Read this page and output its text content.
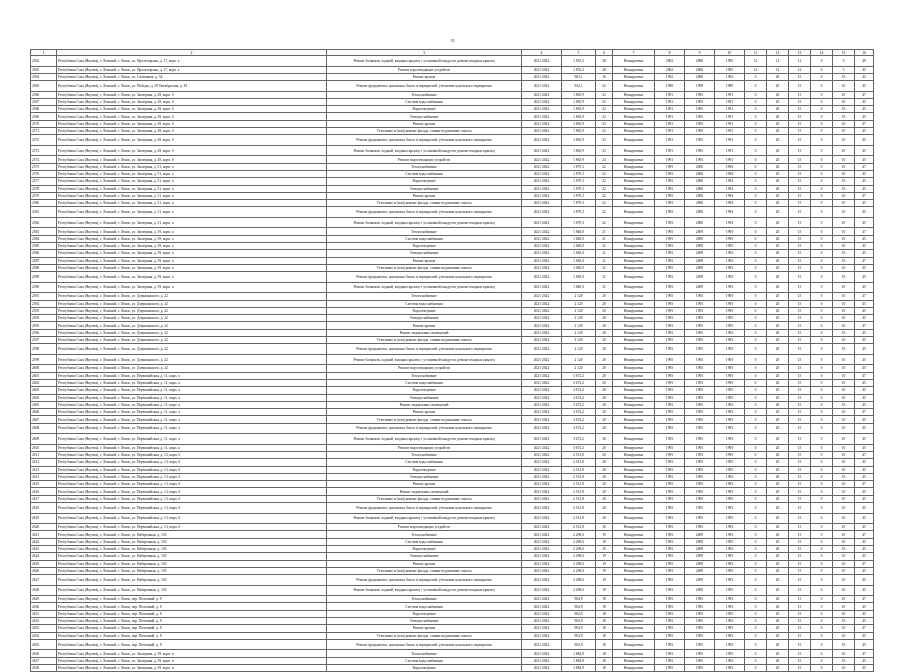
35
1	2	3	4	5	6	7	8	9	10	11	12	13	14	15	16
2562	Республика Саха (Якутия), г. Ленский, г. Ленск, ул. Пролетарская, д. 17, корп. а	Ремонт балконов, лоджий, входных крылец с установкой пандусов, ремонт входных крылец	2021-2022	1 853,2	28	Ненарушена	2002	2006	1995	12	12	12	0	0	49
2563	Республика Саха (Якутия), г. Ленский, г. Ленск, ул. Пролетарская, д. 17, корп. а	Ремонт водоотводящих устройств	2021-2022	1 853,2	28	Ненарушена	2002	2006	1995	12	12	12	0	5	45
2564	Республика Саха (Якутия), г. Ленский, г. Ленск, ул. Салтыкова, д. 34	Ремонт кровли	2021-2022	963,1	16	Ненарушена	1992	2000	1992	0	20	15	0	10	43
2565	Республика Саха (Якутия), г. Ленский, г. Ленск, ул. Победы, д. 29 Октябрьская, д. 29	Ремонт фундамента, цокольных балок и перекрытий, утепление цокольного перекрытия	2021-2022	932,1	22	Ненарушена	1989	1998	1989	0	20	15	0	10	45
2566	Республика Саха (Якутия), г. Ленский, г. Ленск, ул. Заозерная, д. 49, корп. б	Теплоснабжение	2021-2022	1 865,9	23	Ненарушена	1991	1993	1991	0	20	15	0	10	47
2567	Республика Саха (Якутия), г. Ленский, г. Ленск, ул. Заозерная, д. 49, корп. б	Система водоснабжения	2021-2022	1 865,9	23	Ненарушена	1991	1993	1991	0	20	15	0	10	45
2568	Республика Саха (Якутия), г. Ленский, г. Ленск, ул. Заозерная, д. 49, корп. б	Водоотведение	2021-2022	1 865,9	23	Ненарушена	1991	1993	1991	0	20	15	0	10	45
2569	Республика Саха (Якутия), г. Ленский, г. Ленск, ул. Заозерная, д. 49, корп. б	Электроснабжение	2021-2022	1 865,9	23	Ненарушена	1991	1993	1991	0	20	15	0	10	45
2570	Республика Саха (Якутия), г. Ленский, г. Ленск, ул. Заозерная, д. 49, корп. б	Ремонт кровли	2021-2022	1 865,9	23	Ненарушена	1991	1993	1991	0	20	15	0	10	47
2571	Республика Саха (Якутия), г. Ленский, г. Ленск, ул. Заозерная, д. 49, корп. б	Утепление и (или) ремонт фасада, ставни-подоконные откосы	2021-2022	1 865,9	23	Ненарушена	1991	1993	1991	0	20	15	0	10	45
2572	Республика Саха (Якутия), г. Ленский, г. Ленск, ул. Заозерная, д. 49, корп. б	Ремонт фундамента, цокольных балок и перекрытий, утепление цокольного перекрытия	2021-2022	1 865,9	23	Ненарушена	1991	1993	1991	0	20	15	0	10	45
2573	Республика Саха (Якутия), г. Ленский, г. Ленск, ул. Заозерная, д. 49, корп. б	Ремонт балконов, лоджий, входных крылец с установкой пандусов, ремонт входных крылец	2021-2022	1 865,9	23	Ненарушена	1991	1993	1991	0	20	15	0	10	45
2574	Республика Саха (Якутия), г. Ленский, г. Ленск, ул. Заозерная, д. 49, корп. б	Ремонт водоотводящих устройств	2021-2022	1 865,9	23	Ненарушена	1991	1993	1991	0	20	15	0	10	45
2575	Республика Саха (Якутия), г. Ленский, г. Ленск, ул. Заозерная, д. 51, корп. а	Теплоснабжение	2021-2022	1 879,3	22	Ненарушена	1993	2000	1994	0	20	15	0	10	47
2576	Республика Саха (Якутия), г. Ленский, г. Ленск, ул. Заозерная, д. 51, корп. а	Система водоснабжения	2021-2022	1 879,3	22	Ненарушена	1993	2000	1994	0	20	15	0	10	45
2577	Республика Саха (Якутия), г. Ленский, г. Ленск, ул. Заозерная, д. 51, корп. а	Водоотведение	2021-2022	1 879,3	22	Ненарушена	1993	2000	1994	0	20	15	0	10	45
2578	Республика Саха (Якутия), г. Ленский, г. Ленск, ул. Заозерная, д. 51, корп. а	Электроснабжение	2021-2022	1 879,3	22	Ненарушена	1993	2000	1994	0	20	15	0	10	45
2579	Республика Саха (Якутия), г. Ленский, г. Ленск, ул. Заозерная, д. 51, корп. а	Ремонт кровли	2021-2022	1 879,3	22	Ненарушена	1993	2000	1994	0	20	15	0	10	47
2580	Республика Саха (Якутия), г. Ленский, г. Ленск, ул. Заозерная, д. 51, корп. а	Утепление и (или) ремонт фасада, ставни-подоконные откосы	2021-2022	1 879,3	22	Ненарушена	1993	2000	1994	0	20	15	0	10	45
2581	Республика Саха (Якутия), г. Ленский, г. Ленск, ул. Заозерная, д. 51, корп. а	Ремонт фундамента, цокольных балок и перекрытий, утепление цокольного перекрытия	2021-2022	1 879,3	22	Ненарушена	1993	2000	1994	0	20	15	0	10	45
2582	Республика Саха (Якутия), г. Ленский, г. Ленск, ул. Заозерная, д. 51, корп. а	Ремонт балконов, лоджий, входных крылец с установкой пандусов, ремонт входных крылец	2021-2022	1 879,3	22	Ненарушена	1993	2000	1994	0	20	15	0	10	45
2583	Республика Саха (Якутия), г. Ленский, г. Ленск, ул. Заозерная, д. 59, корп. а	Теплоснабжение	2021-2022	1 840,0	21	Ненарушена	1993	2009	1993	0	20	15	0	10	47
2584	Республика Саха (Якутия), г. Ленский, г. Ленск, ул. Заозерная, д. 59, корп. а	Система водоснабжения	2021-2022	1 840,0	21	Ненарушена	1993	2009	1993	0	20	15	0	10	45
2585	Республика Саха (Якутия), г. Ленский, г. Ленск, ул. Заозерная, д. 59, корп. а	Водоотведение	2021-2022	1 840,0	21	Ненарушена	1993	2009	1993	0	20	15	0	10	45
2586	Республика Саха (Якутия), г. Ленский, г. Ленск, ул. Заозерная, д. 59, корп. а	Электроснабжение	2021-2022	1 840,0	21	Ненарушена	1993	2009	1993	0	20	15	0	10	45
2587	Республика Саха (Якутия), г. Ленский, г. Ленск, ул. Заозерная, д. 59, корп. а	Ремонт кровли	2021-2022	1 840,0	21	Ненарушена	1993	2009	1993	0	20	15	0	10	47
2588	Республика Саха (Якутия), г. Ленский, г. Ленск, ул. Заозерная, д. 59, корп. а	Утепление и (или) ремонт фасада, ставни-подоконные откосы	2021-2022	1 840,0	21	Ненарушена	1993	2009	1993	0	20	15	0	10	45
2589	Республика Саха (Якутия), г. Ленский, г. Ленск, ул. Заозерная, д. 59, корп. а	Ремонт фундамента, цокольных балок и перекрытий, утепление цокольного перекрытия	2021-2022	1 840,0	21	Ненарушена	1993	2009	1993	0	20	15	0	10	45
2590	Республика Саха (Якутия), г. Ленский, г. Ленск, ул. Заозерная, д. 59, корп. а	Ремонт балконов, лоджий, входных крылец с установкой пандусов, ремонт входных крылец	2021-2022	1 840,0	21	Ненарушена	1993	2009	1993	0	20	15	0	10	45
2591	Республика Саха (Якутия), г. Ленский, г. Ленск, ул. Дзержинского, д. 22	Теплоснабжение	2021-2022	2 120	20	Ненарушена	1993	1993	1993	0	20	15	0	10	47
2592	Республика Саха (Якутия), г. Ленский, г. Ленск, ул. Дзержинского, д. 22	Система водоснабжения	2021-2022	2 120	20	Ненарушена	1993	1993	1993	0	20	15	0	10	45
2593	Республика Саха (Якутия), г. Ленский, г. Ленск, ул. Дзержинского, д. 22	Водоотведение	2021-2022	2 120	20	Ненарушена	1993	1993	1993	0	20	15	0	10	45
2594	Республика Саха (Якутия), г. Ленский, г. Ленск, ул. Дзержинского, д. 22	Электроснабжение	2021-2022	2 120	20	Ненарушена	1993	1993	1993	0	20	15	0	10	45
2595	Республика Саха (Якутия), г. Ленский, г. Ленск, ул. Дзержинского, д. 22	Ремонт кровли	2021-2022	2 120	20	Ненарушена	1993	1993	1993	0	20	15	0	10	47
2596	Республика Саха (Якутия), г. Ленский, г. Ленск, ул. Дзержинского, д. 22	Ремонт подвальных помещений	2021-2022	2 120	20	Ненарушена	1993	1993	1993	0	20	15	0	10	45
2597	Республика Саха (Якутия), г. Ленский, г. Ленск, ул. Дзержинского, д. 22	Утепление и (или) ремонт фасада, ставни-подоконные откосы	2021-2022	2 120	20	Ненарушена	1993	1993	1993	0	20	15	0	10	45
2598	Республика Саха (Якутия), г. Ленский, г. Ленск, ул. Дзержинского, д. 22	Ремонт фундамента, цокольных балок и перекрытий, утепление цокольного перекрытия	2021-2022	2 120	20	Ненарушена	1993	1993	1993	0	20	15	0	10	45
2599	Республика Саха (Якутия), г. Ленский, г. Ленск, ул. Дзержинского, д. 22	Ремонт балконов, лоджий, входных крылец с установкой пандусов, ремонт входных крылец	2021-2022	2 120	20	Ненарушена	1993	1993	1993	0	20	15	0	10	45
2600	Республика Саха (Якутия), г. Ленский, г. Ленск, ул. Дзержинского, д. 22	Ремонт водоотводящих устройств	2021-2022	2 120	20	Ненарушена	1993	1993	1993	0	20	15	0	10	45
2601	Республика Саха (Якутия), г. Ленский, г. Ленск, ул. Первомайская, д. 11, корп. а	Теплоснабжение	2021-2022	3 672,2	20	Ненарушена	1993	1993	1993	0	20	15	0	10	47
2602	Республика Саха (Якутия), г. Ленский, г. Ленск, ул. Первомайская, д. 11, корп. а	Система водоснабжения	2021-2022	3 672,2	20	Ненарушена	1993	1993	1993	0	20	15	0	10	45
2603	Республика Саха (Якутия), г. Ленский, г. Ленск, ул. Первомайская, д. 11, корп. а	Водоотведение	2021-2022	3 672,2	20	Ненарушена	1993	1993	1993	0	20	15	0	10	45
2604	Республика Саха (Якутия), г. Ленский, г. Ленск, ул. Первомайская, д. 11, корп. а	Электроснабжение	2021-2022	3 672,2	20	Ненарушена	1993	1993	1993	0	20	15	0	10	45
2605	Республика Саха (Якутия), г. Ленский, г. Ленск, ул. Первомайская, д. 11, корп. а	Ремонт подвальных помещений	2021-2022	3 672,2	20	Ненарушена	1993	1993	1993	0	20	15	0	10	45
2606	Республика Саха (Якутия), г. Ленский, г. Ленск, ул. Первомайская, д. 11, корп. а	Ремонт кровли	2021-2022	3 672,2	20	Ненарушена	1993	1993	1993	0	20	15	0	10	47
2607	Республика Саха (Якутия), г. Ленский, г. Ленск, ул. Первомайская, д. 11, корп. а	Утепление и (или) ремонт фасада, ставни-подоконные откосы	2021-2022	3 672,2	20	Ненарушена	1993	1993	1993	0	20	15	0	10	45
2608	Республика Саха (Якутия), г. Ленский, г. Ленск, ул. Первомайская, д. 11, корп. а	Ремонт фундамента, цокольных балок и перекрытий, утепление цокольного перекрытия	2021-2022	3 672,2	20	Ненарушена	1993	1993	1993	0	20	15	0	10	45
2609	Республика Саха (Якутия), г. Ленский, г. Ленск, ул. Первомайская, д. 11, корп. а	Ремонт балконов, лоджий, входных крылец с установкой пандусов, ремонт входных крылец	2021-2022	3 672,2	20	Ненарушена	1993	1993	1993	0	20	15	0	10	45
2610	Республика Саха (Якутия), г. Ленский, г. Ленск, ул. Первомайская, д. 11, корп. а	Ремонт водоотводящих устройств	2021-2022	3 672,2	20	Ненарушена	1993	1993	1993	0	20	15	0	10	45
2611	Республика Саха (Якутия), г. Ленский, г. Ленск, ул. Первомайская, д. 13, корп. б	Теплоснабжение	2021-2022	2 513,8	20	Ненарушена	1993	1993	1993	0	20	15	0	10	47
2612	Республика Саха (Якутия), г. Ленский, г. Ленск, ул. Первомайская, д. 13, корп. б	Система водоснабжения	2021-2022	2 513,8	20	Ненарушена	1993	1993	1993	0	20	15	0	10	45
2613	Республика Саха (Якутия), г. Ленский, г. Ленск, ул. Первомайская, д. 13, корп. б	Водоотведение	2021-2022	2 513,8	20	Ненарушена	1993	1993	1993	0	20	15	0	10	45
2614	Республика Саха (Якутия), г. Ленский, г. Ленск, ул. Первомайская, д. 13, корп. б	Электроснабжение	2021-2022	2 513,8	20	Ненарушена	1993	1993	1993	0	20	15	0	10	45
2615	Республика Саха (Якутия), г. Ленский, г. Ленск, ул. Первомайская, д. 13, корп. б	Ремонт кровли	2021-2022	2 513,8	20	Ненарушена	1993	1993	1993	0	20	15	0	10	47
2616	Республика Саха (Якутия), г. Ленский, г. Ленск, ул. Первомайская, д. 13, корп. б	Ремонт подвальных помещений	2021-2022	2 513,8	20	Ненарушена	1993	1993	1993	0	20	15	0	10	45
2617	Республика Саха (Якутия), г. Ленский, г. Ленск, ул. Первомайская, д. 13, корп. б	Утепление и (или) ремонт фасада, ставни-подоконные откосы	2021-2022	2 513,8	20	Ненарушена	1993	1993	1993	0	20	15	0	10	45
2618	Республика Саха (Якутия), г. Ленский, г. Ленск, ул. Первомайская, д. 13, корп. б	Ремонт фундамента, цокольных балок и перекрытий, утепление цокольного перекрытия	2021-2022	2 513,8	20	Ненарушена	1993	1993	1993	0	20	15	0	10	45
2619	Республика Саха (Якутия), г. Ленский, г. Ленск, ул. Первомайская, д. 13, корп. б	Ремонт балконов, лоджий, входных крылец с установкой пандусов, ремонт входных крылец	2021-2022	2 513,8	20	Ненарушена	1993	1993	1993	0	20	15	0	10	45
2620	Республика Саха (Якутия), г. Ленский, г. Ленск, ул. Первомайская, д. 13, корп. б	Ремонт водоотводящих устройств	2021-2022	2 513,8	20	Ненарушена	1993	1993	1993	0	20	15	0	10	45
2621	Республика Саха (Якутия), г. Ленский, г. Ленск, ул. Набережная, д. 103	Теплоснабжение	2021-2022	2 298,6	19	Ненарушена	1993	2009	1993	0	20	15	0	10	47
2622	Республика Саха (Якутия), г. Ленский, г. Ленск, ул. Набережная, д. 103	Система водоснабжения	2021-2022	2 298,6	19	Ненарушена	1993	2009	1993	0	20	15	0	10	45
2623	Республика Саха (Якутия), г. Ленский, г. Ленск, ул. Набережная, д. 103	Водоотведение	2021-2022	2 298,6	19	Ненарушена	1993	2009	1993	0	20	15	0	10	45
2624	Республика Саха (Якутия), г. Ленский, г. Ленск, ул. Набережная, д. 103	Электроснабжение	2021-2022	2 298,6	19	Ненарушена	1993	2009	1993	0	20	15	0	10	45
2625	Республика Саха (Якутия), г. Ленский, г. Ленск, ул. Набережная, д. 103	Ремонт кровли	2021-2022	2 298,6	19	Ненарушена	1993	2009	1993	0	20	15	0	10	47
2626	Республика Саха (Якутия), г. Ленский, г. Ленск, ул. Набережная, д. 103	Утепление и (или) ремонт фасада, ставни-подоконные откосы	2021-2022	2 298,6	19	Ненарушена	1993	2009	1993	0	20	15	0	10	45
2627	Республика Саха (Якутия), г. Ленский, г. Ленск, ул. Набережная, д. 103	Ремонт фундамента, цокольных балок и перекрытий, утепление цокольного перекрытия	2021-2022	2 298,6	19	Ненарушена	1993	2009	1993	0	20	15	0	10	45
2628	Республика Саха (Якутия), г. Ленский, г. Ленск, ул. Набережная, д. 103	Ремонт балконов, лоджий, входных крылец с установкой пандусов, ремонт входных крылец	2021-2022	2 298,6	19	Ненарушена	1993	2009	1993	0	20	15	0	10	45
2629	Республика Саха (Якутия), г. Ленский, г. Ленск, пер. Почтовый, д. 8	Теплоснабжение	2021-2022	904,9	18	Ненарушена	1993	1993	1993	0	20	15	0	10	47
2630	Республика Саха (Якутия), г. Ленский, г. Ленск, пер. Почтовый, д. 8	Система водоснабжения	2021-2022	904,9	18	Ненарушена	1993	1993	1993	0	20	15	0	10	45
2631	Республика Саха (Якутия), г. Ленский, г. Ленск, пер. Почтовый, д. 8	Водоотведение	2021-2022	904,9	18	Ненарушена	1993	1993	1993	0	20	15	0	10	45
2632	Республика Саха (Якутия), г. Ленский, г. Ленск, пер. Почтовый, д. 8	Электроснабжение	2021-2022	904,9	18	Ненарушена	1993	1993	1993	0	20	15	0	10	45
2633	Республика Саха (Якутия), г. Ленский, г. Ленск, пер. Почтовый, д. 8	Ремонт кровли	2021-2022	904,9	18	Ненарушена	1993	1993	1993	0	20	15	0	10	47
2634	Республика Саха (Якутия), г. Ленский, г. Ленск, пер. Почтовый, д. 8	Утепление и (или) ремонт фасада, ставни-подоконные откосы	2021-2022	904,9	18	Ненарушена	1993	1993	1993	0	20	15	0	10	45
2635	Республика Саха (Якутия), г. Ленский, г. Ленск, пер. Почтовый, д. 8	Ремонт фундамента, цокольных балок и перекрытий, утепление цокольного перекрытия	2021-2022	904,9	18	Ненарушена	1993	1993	1993	0	20	15	0	10	45
2636	Республика Саха (Якутия), г. Ленский, г. Ленск, ул. Заозерная, д. 59, корп. в	Теплоснабжение	2021-2022	1 884,9	18	Ненарушена	1993	1993	1993	0	20	15	0	10	47
2637	Республика Саха (Якутия), г. Ленский, г. Ленск, ул. Заозерная, д. 59, корп. в	Система водоснабжения	2021-2022	1 884,9	18	Ненарушена	1993	1993	1993	0	20	15	0	10	45
2638	Республика Саха (Якутия), г. Ленский, г. Ленск, ул. Заозерная, д. 59, корп. в	Водоотведение	2021-2022	1 884,9	18	Ненарушена	1993	1993	1993	0	20	15	0	10	45
